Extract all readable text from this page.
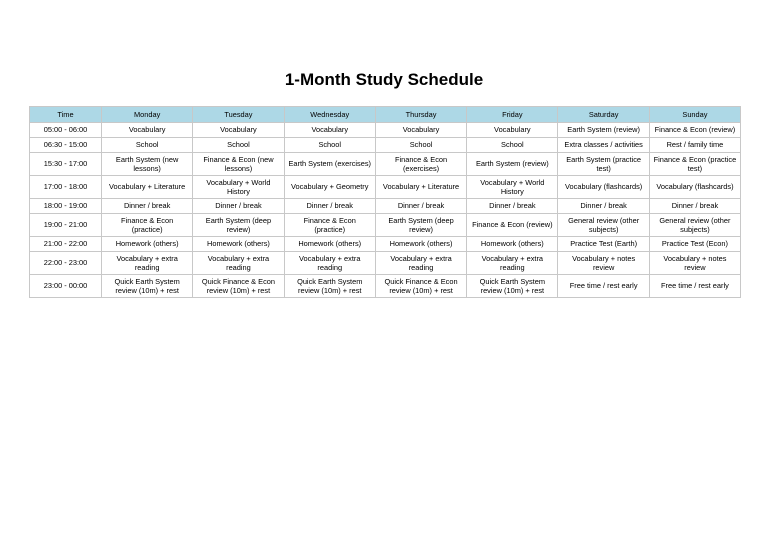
1-Month Study Schedule
Time	Monday	Tuesday	Wednesday	Thursday	Friday	Saturday	Sunday
05:00 - 06:00	Vocabulary	Vocabulary	Vocabulary	Vocabulary	Vocabulary	Earth System (review)	Finance & Econ (review)
06:30 - 15:00	School	School	School	School	School	Extra classes / activities	Rest / family time
15:30 - 17:00	Earth System (new lessons)	Finance & Econ (new lessons)	Earth System (exercises)	Finance & Econ (exercises)	Earth System (review)	Earth System (practice test)	Finance & Econ (practice test)
17:00 - 18:00	Vocabulary + Literature	Vocabulary + World History	Vocabulary + Geometry	Vocabulary + Literature	Vocabulary + World History	Vocabulary (flashcards)	Vocabulary (flashcards)
18:00 - 19:00	Dinner / break	Dinner / break	Dinner / break	Dinner / break	Dinner / break	Dinner / break	Dinner / break
19:00 - 21:00	Finance & Econ (practice)	Earth System (deep review)	Finance & Econ (practice)	Earth System (deep review)	Finance & Econ (review)	General review (other subjects)	General review (other subjects)
21:00 - 22:00	Homework (others)	Homework (others)	Homework (others)	Homework (others)	Homework (others)	Practice Test (Earth)	Practice Test (Econ)
22:00 - 23:00	Vocabulary + extra reading	Vocabulary + extra reading	Vocabulary + extra reading	Vocabulary + extra reading	Vocabulary + extra reading	Vocabulary + notes review	Vocabulary + notes review
23:00 - 00:00	Quick Earth System review (10m) + rest	Quick Finance & Econ review (10m) + rest	Quick Earth System review (10m) + rest	Quick Finance & Econ review (10m) + rest	Quick Earth System review (10m) + rest	Free time / rest early	Free time / rest early
